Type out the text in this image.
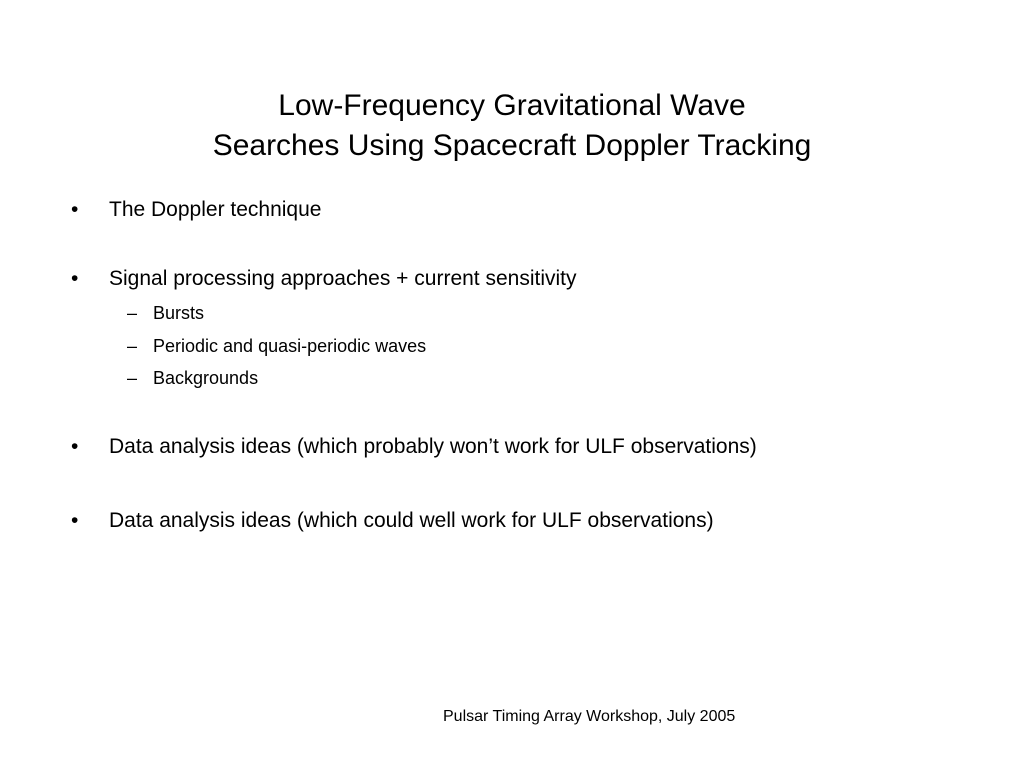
Low-Frequency Gravitational Wave
Searches Using Spacecraft Doppler Tracking
• The Doppler technique
• Signal processing approaches + current sensitivity
– Bursts
– Periodic and quasi-periodic waves
– Backgrounds
• Data analysis ideas (which probably won’t work for ULF observations)
• Data analysis ideas (which could well work for ULF observations)
Pulsar Timing Array Workshop, July 2005
